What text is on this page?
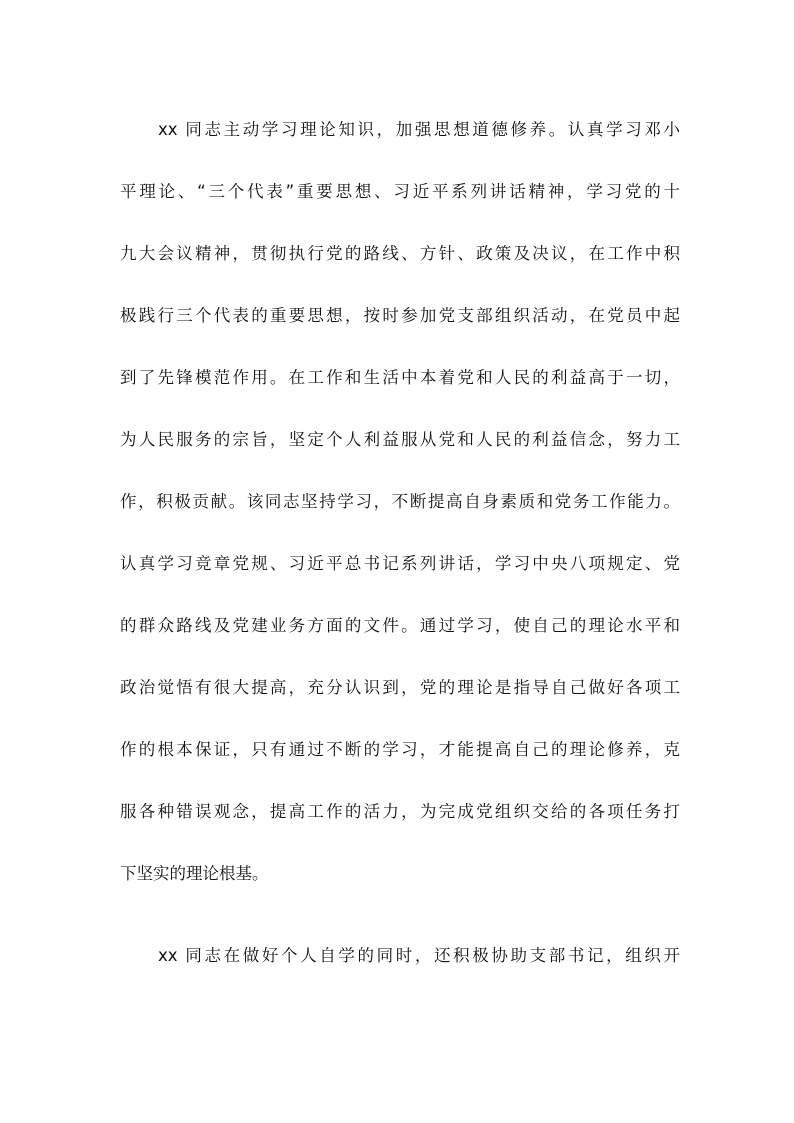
xx 同志主动学习理论知识，加强思想道德修养。认真学习邓小
平理论、“三个代表”重要思想、习近平系列讲话精神，学习党的十
九大会议精神，贯彻执行党的路线、方针、政策及决议，在工作中积
极践行三个代表的重要思想，按时参加党支部组织活动，在党员中起
到了先锋模范作用。在工作和生活中本着党和人民的利益高于一切，
为人民服务的宗旨，坚定个人利益服从党和人民的利益信念，努力工
作，积极贡献。该同志坚持学习，不断提高自身素质和党务工作能力。
认真学习竞章党规、习近平总书记系列讲话，学习中央八项规定、党
的群众路线及党建业务方面的文件。通过学习，使自己的理论水平和
政治觉悟有很大提高，充分认识到，党的理论是指导自己做好各项工
作的根本保证，只有通过不断的学习，才能提高自己的理论修养，克
服各种错误观念，提高工作的活力，为完成党组织交给的各项任务打
下坚实的理论根基。
xx 同志在做好个人自学的同时，还积极协助支部书记，组织开
